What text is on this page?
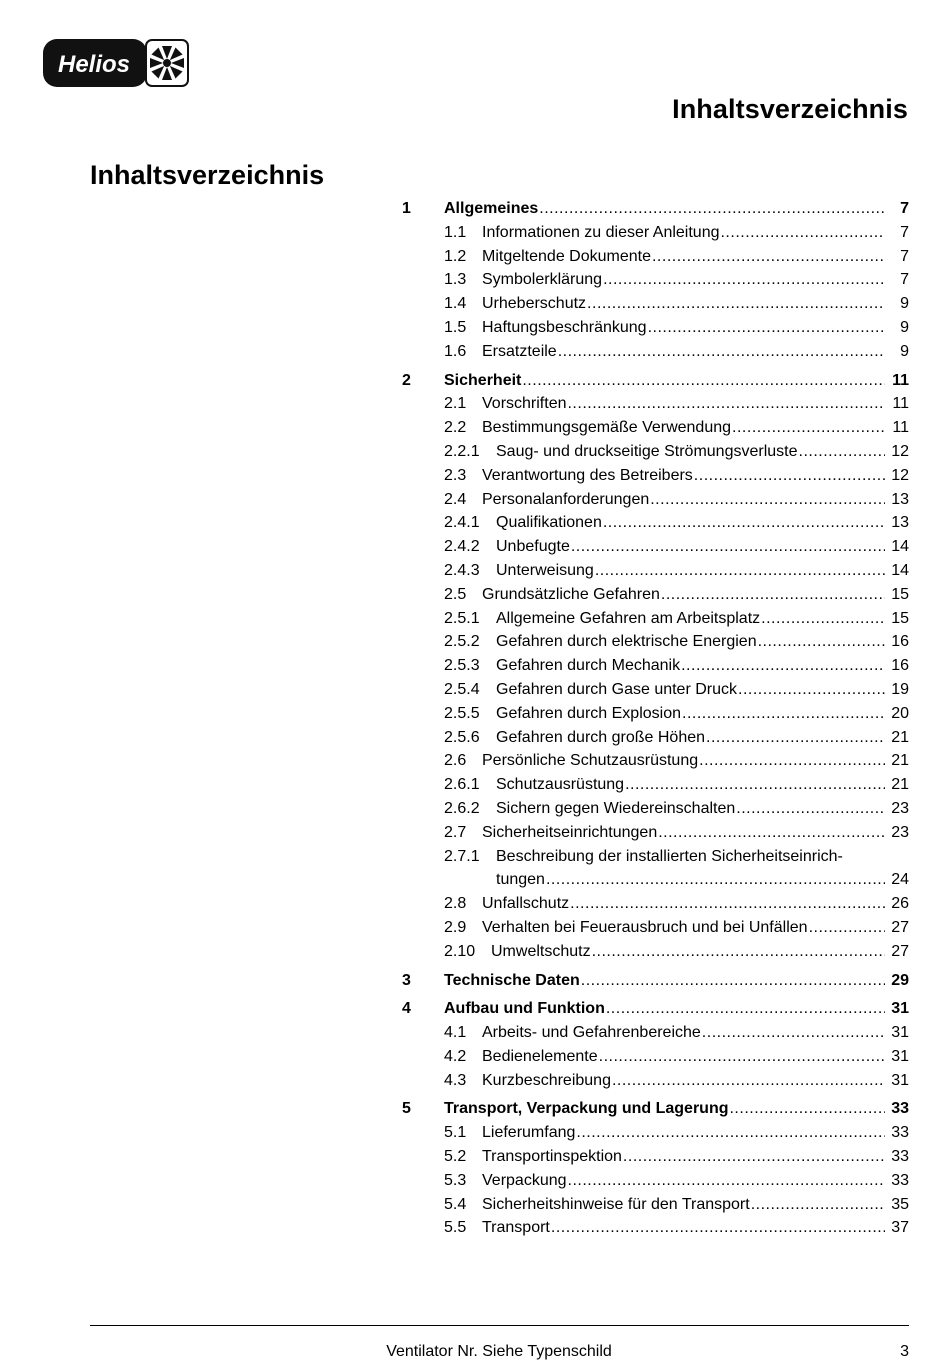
Helios
Inhaltsverzeichnis
Inhaltsverzeichnis
1	Allgemeines .....	7
1.1 Informationen zu dieser Anleitung .....	7
1.2 Mitgeltende Dokumente .....	7
1.3 Symbolerklärung .....	7
1.4 Urheberschutz .....	9
1.5 Haftungsbeschränkung .....	9
1.6 Ersatzteile .....	9
2	Sicherheit .....	11
2.1 Vorschriften .....	11
2.2 Bestimmungsgemäße Verwendung .....	11
2.2.1	Saug- und druckseitige Strömungsverluste .....	12
2.3 Verantwortung des Betreibers .....	12
2.4 Personalanforderungen .....	13
2.4.1	Qualifikationen .....	13
2.4.2	Unbefugte .....	14
2.4.3	Unterweisung .....	14
2.5 Grundsätzliche Gefahren .....	15
2.5.1	Allgemeine Gefahren am Arbeitsplatz .....	15
2.5.2	Gefahren durch elektrische Energien .....	16
2.5.3	Gefahren durch Mechanik .....	16
2.5.4	Gefahren durch Gase unter Druck .....	19
2.5.5	Gefahren durch Explosion .....	20
2.5.6	Gefahren durch große Höhen .....	21
2.6 Persönliche Schutzausrüstung .....	21
2.6.1	Schutzausrüstung .....	21
2.6.2	Sichern gegen Wiedereinschalten .....	23
2.7 Sicherheitseinrichtungen .....	23
2.7.1	Beschreibung der installierten Sicherheitseinrich-
tungen .....	24
2.8 Unfallschutz .....	26
2.9 Verhalten bei Feuerausbruch und bei Unfällen .....	27
2.10 Umweltschutz .....	27
3	Technische Daten .....	29
4	Aufbau und Funktion .....	31
4.1 Arbeits- und Gefahrenbereiche .....	31
4.2 Bedienelemente .....	31
4.3 Kurzbeschreibung .....	31
5	Transport, Verpackung und Lagerung .....	33
5.1 Lieferumfang .....	33
5.2 Transportinspektion .....	33
5.3 Verpackung .....	33
5.4 Sicherheitshinweise für den Transport .....	35
5.5 Transport .....	37
Ventilator Nr. Siehe Typenschild	3
